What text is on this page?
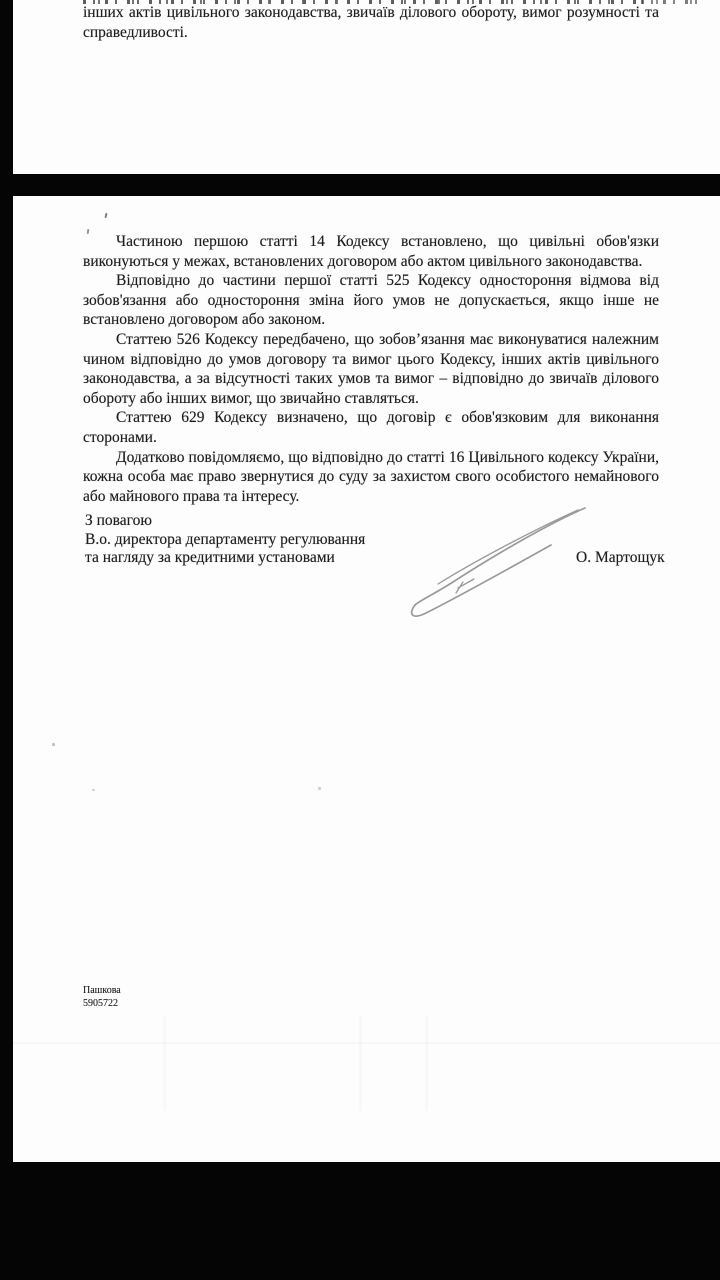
інших актів цивільного законодавства, звичаїв ділового обороту, вимог розумності та справедливості.

Частиною першою статті 14 Кодексу встановлено, що цивільні обов'язки виконуються у межах, встановлених договором або актом цивільного законодавства.

Відповідно до частини першої статті 525 Кодексу одностороння відмова від зобов'язання або одностороння зміна його умов не допускається, якщо інше не встановлено договором або законом.

Статтею 526 Кодексу передбачено, що зобов’язання має виконуватися належним чином відповідно до умов договору та вимог цього Кодексу, інших актів цивільного законодавства, а за відсутності таких умов та вимог – відповідно до звичаїв ділового обороту або інших вимог, що звичайно ставляться.

Статтею 629 Кодексу визначено, що договір є обов'язковим для виконання сторонами.

Додатково повідомляємо, що відповідно до статті 16 Цивільного кодексу України, кожна особа має право звернутися до суду за захистом свого особистого немайнового або майнового права та інтересу.

З повагою
В.о. директора департаменту регулювання
та нагляду за кредитними установами	О. Мартощук
Пашкова
5905722
